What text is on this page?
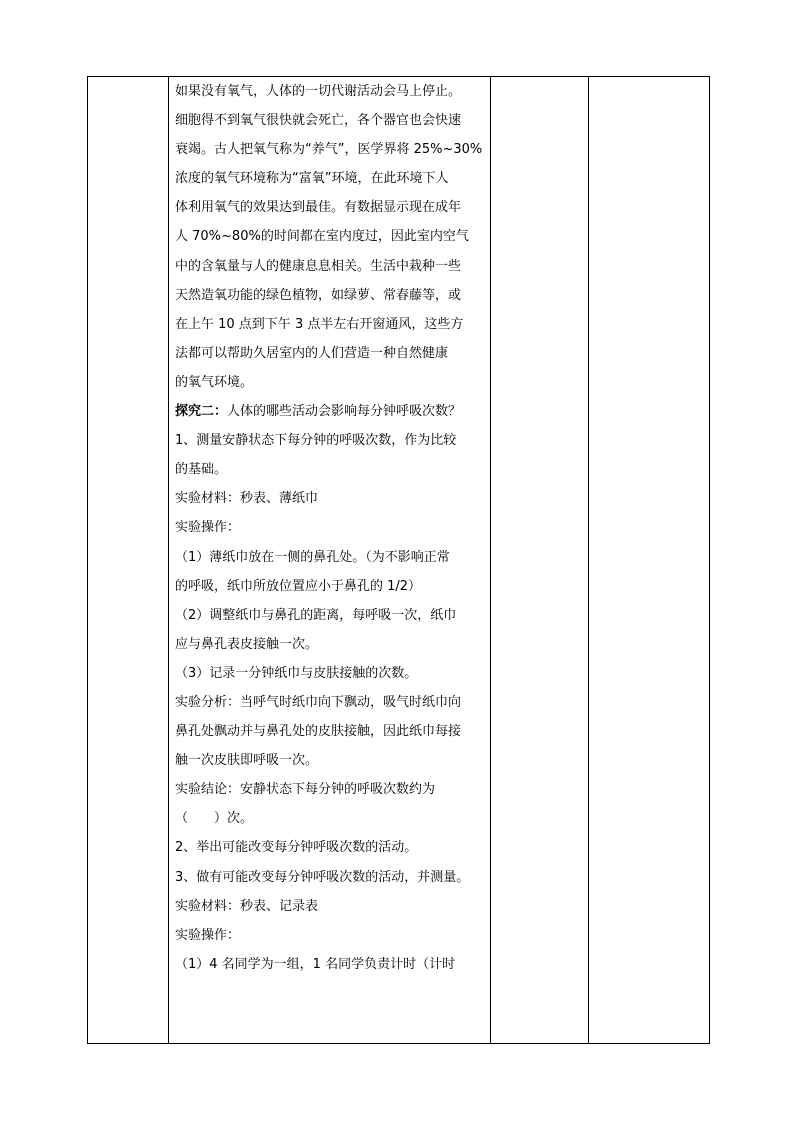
如果没有氧气，人体的一切代谢活动会马上停止。
细胞得不到氧气很快就会死亡，各个器官也会快速
衰竭。古人把氧气称为“养气”，医学界将 25%~30%
浓度的氧气环境称为“富氧”环境，在此环境下人
体利用氧气的效果达到最佳。有数据显示现在成年
人 70%~80%的时间都在室内度过，因此室内空气
中的含氧量与人的健康息息相关。生活中栽种一些
天然造氧功能的绿色植物，如绿萝、常春藤等，或
在上午 10 点到下午 3 点半左右开窗通风，这些方
法都可以帮助久居室内的人们营造一种自然健康
的氧气环境。
探究二：人体的哪些活动会影响每分钟呼吸次数？
1、测量安静状态下每分钟的呼吸次数，作为比较
的基础。
实验材料：秒表、薄纸巾
实验操作：
（1）薄纸巾放在一侧的鼻孔处。（为不影响正常
的呼吸，纸巾所放位置应小于鼻孔的 1/2）
（2）调整纸巾与鼻孔的距离，每呼吸一次，纸巾
应与鼻孔表皮接触一次。
（3）记录一分钟纸巾与皮肤接触的次数。
实验分析：当呼气时纸巾向下飘动，吸气时纸巾向
鼻孔处飘动并与鼻孔处的皮肤接触，因此纸巾每接
触一次皮肤即呼吸一次。
实验结论：安静状态下每分钟的呼吸次数约为
（　　）次。
2、举出可能改变每分钟呼吸次数的活动。
3、做有可能改变每分钟呼吸次数的活动，并测量。
实验材料：秒表、记录表
实验操作：
（1）4 名同学为一组，1 名同学负责计时（计时
